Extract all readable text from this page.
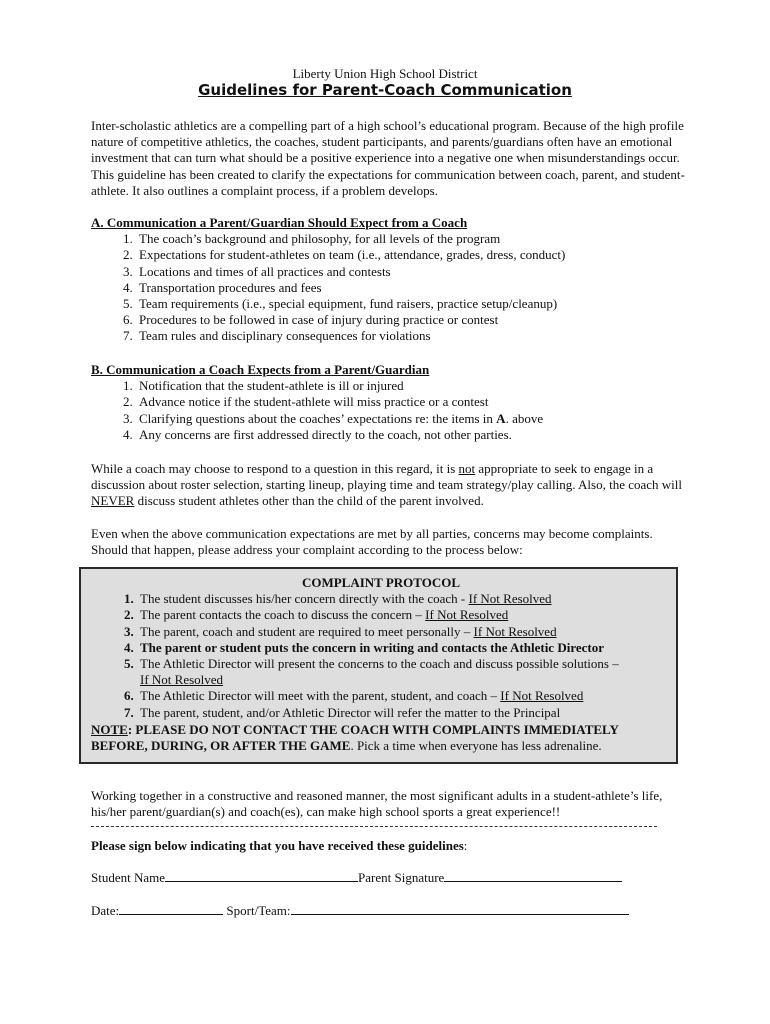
Liberty Union High School District
Guidelines for Parent-Coach Communication

Inter-scholastic athletics are a compelling part of a high school’s educational program. Because of the high profile nature of competitive athletics, the coaches, student participants, and parents/guardians often have an emotional investment that can turn what should be a positive experience into a negative one when misunderstandings occur. This guideline has been created to clarify the expectations for communication between coach, parent, and student-athlete. It also outlines a complaint process, if a problem develops.

A. Communication a Parent/Guardian Should Expect from a Coach
1. The coach’s background and philosophy, for all levels of the program
2. Expectations for student-athletes on team (i.e., attendance, grades, dress, conduct)
3. Locations and times of all practices and contests
4. Transportation procedures and fees
5. Team requirements (i.e., special equipment, fund raisers, practice setup/cleanup)
6. Procedures to be followed in case of injury during practice or contest
7. Team rules and disciplinary consequences for violations
B. Communication a Coach Expects from a Parent/Guardian
1. Notification that the student-athlete is ill or injured
2. Advance notice if the student-athlete will miss practice or a contest
3. Clarifying questions about the coaches’ expectations re: the items in A. above
4. Any concerns are first addressed directly to the coach, not other parties.

While a coach may choose to respond to a question in this regard, it is not appropriate to seek to engage in a discussion about roster selection, starting lineup, playing time and team strategy/play calling. Also, the coach will NEVER discuss student athletes other than the child of the parent involved.

Even when the above communication expectations are met by all parties, concerns may become complaints. Should that happen, please address your complaint according to the process below:

COMPLAINT PROTOCOL
1. The student discusses his/her concern directly with the coach - If Not Resolved
2. The parent contacts the coach to discuss the concern – If Not Resolved
3. The parent, coach and student are required to meet personally – If Not Resolved
4. The parent or student puts the concern in writing and contacts the Athletic Director
5. The Athletic Director will present the concerns to the coach and discuss possible solutions –
If Not Resolved
6. The Athletic Director will meet with the parent, student, and coach – If Not Resolved
7. The parent, student, and/or Athletic Director will refer the matter to the Principal

NOTE: PLEASE DO NOT CONTACT THE COACH WITH COMPLAINTS IMMEDIATELY BEFORE, DURING, OR AFTER THE GAME. Pick a time when everyone has less adrenaline.

Working together in a constructive and reasoned manner, the most significant adults in a student-athlete’s life, his/her parent/guardian(s) and coach(es), can make high school sports a great experience!!

Please sign below indicating that you have received these guidelines:

Student Name	Parent Signature
Date:	Sport/Team:
